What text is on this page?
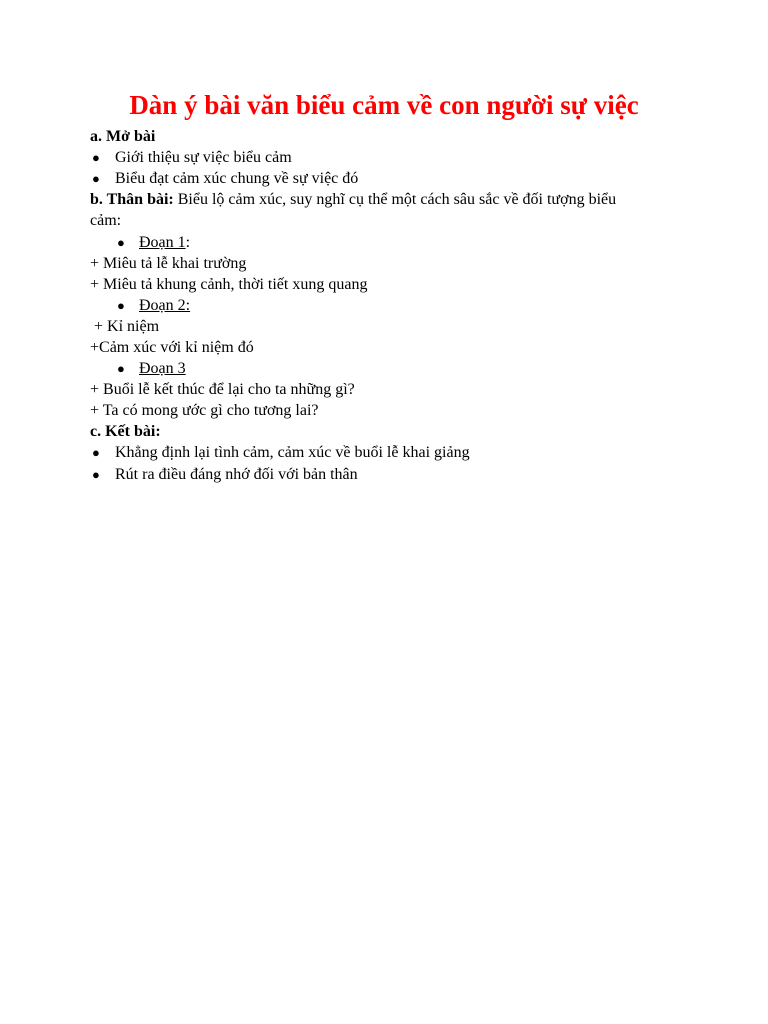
Dàn ý bài văn biểu cảm về con người sự việc
a. Mở bài
● Giới thiệu sự việc biểu cảm
● Biểu đạt cảm xúc chung về sự việc đó
b. Thân bài: Biểu lộ cảm xúc, suy nghĩ cụ thể một cách sâu sắc về đối tượng biểu
cảm:
● Đoạn 1:
+ Miêu tả lễ khai trường
+ Miêu tả khung cảnh, thời tiết xung quang
● Đoạn 2:
+ Kỉ niệm
+Cảm xúc với kỉ niệm đó
● Đoạn 3
+ Buổi lễ kết thúc để lại cho ta những gì?
+ Ta có mong ước gì cho tương lai?
c. Kết bài:
● Khẳng định lại tình cảm, cảm xúc về buổi lễ khai giảng
● Rút ra điều đáng nhớ đối với bản thân
